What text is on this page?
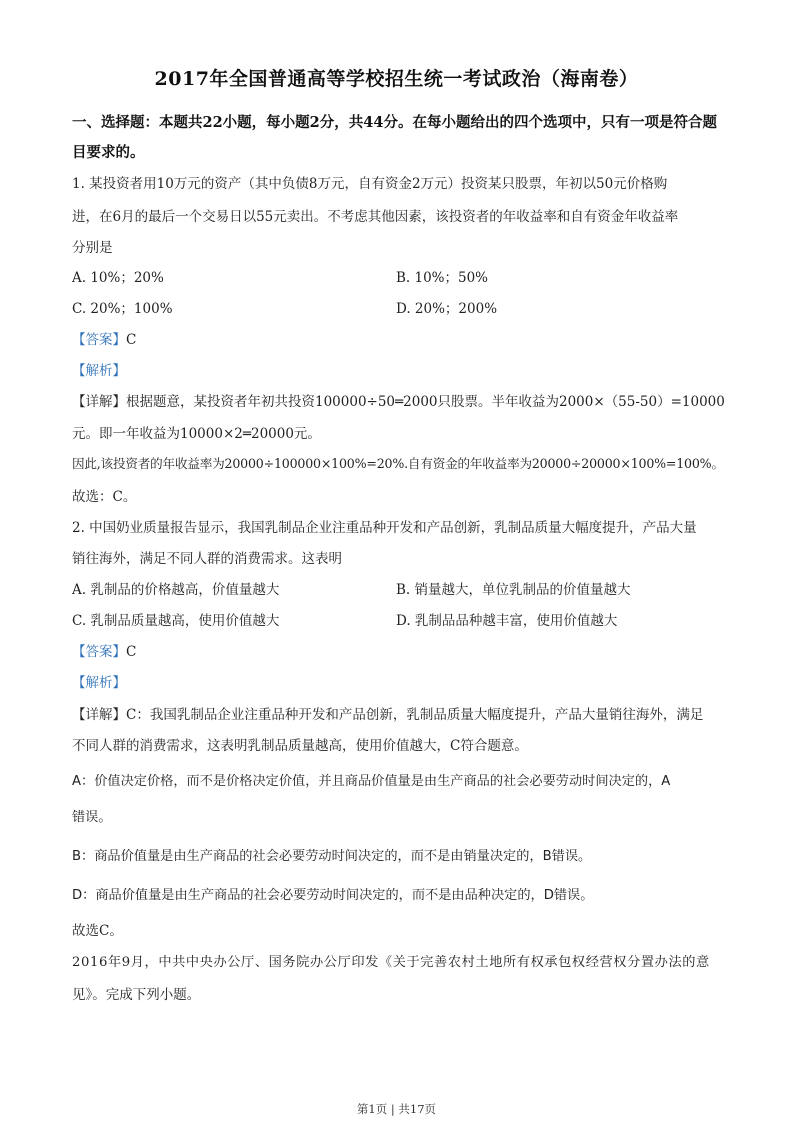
2017年全国普通高等学校招生统一考试政治（海南卷）
一、选择题：本题共22小题，每小题2分，共44分。在每小题给出的四个选项中，只有一项是符合题目要求的。
1. 某投资者用10万元的资产（其中负债8万元，自有资金2万元）投资某只股票，年初以50元价格购
进，在6月的最后一个交易日以55元卖出。不考虑其他因素，该投资者的年收益率和自有资金年收益率
分别是
A. 10%；20%	B. 10%；50%
C. 20%；100%	D. 20%；200%
【答案】C
【解析】
【详解】根据题意，某投资者年初共投资100000÷50═2000只股票。半年收益为2000×（55-50）=10000
元。即一年收益为10000×2═20000元。
因此,该投资者的年收益率为20000÷100000×100%=20%.自有资金的年收益率为20000÷20000×100%=100%。
故选：C。
2. 中国奶业质量报告显示，我国乳制品企业注重品种开发和产品创新，乳制品质量大幅度提升，产品大量
销往海外，满足不同人群的消费需求。这表明
A. 乳制品的价格越高，价值量越大	B. 销量越大，单位乳制品的价值量越大
C. 乳制品质量越高，使用价值越大	D. 乳制品品种越丰富，使用价值越大
【答案】C
【解析】
【详解】C：我国乳制品企业注重品种开发和产品创新，乳制品质量大幅度提升，产品大量销往海外，满足
不同人群的消费需求，这表明乳制品质量越高，使用价值越大，C符合题意。
A：价值决定价格，而不是价格决定价值，并且商品价值量是由生产商品的社会必要劳动时间决定的，A
错误。
B：商品价值量是由生产商品的社会必要劳动时间决定的，而不是由销量决定的，B错误。
D：商品价值量是由生产商品的社会必要劳动时间决定的，而不是由品种决定的，D错误。
故选C。
2016年9月，中共中央办公厅、国务院办公厅印发《关于完善农村土地所有权承包权经营权分置办法的意
见》。完成下列小题。
第1页 | 共17页
